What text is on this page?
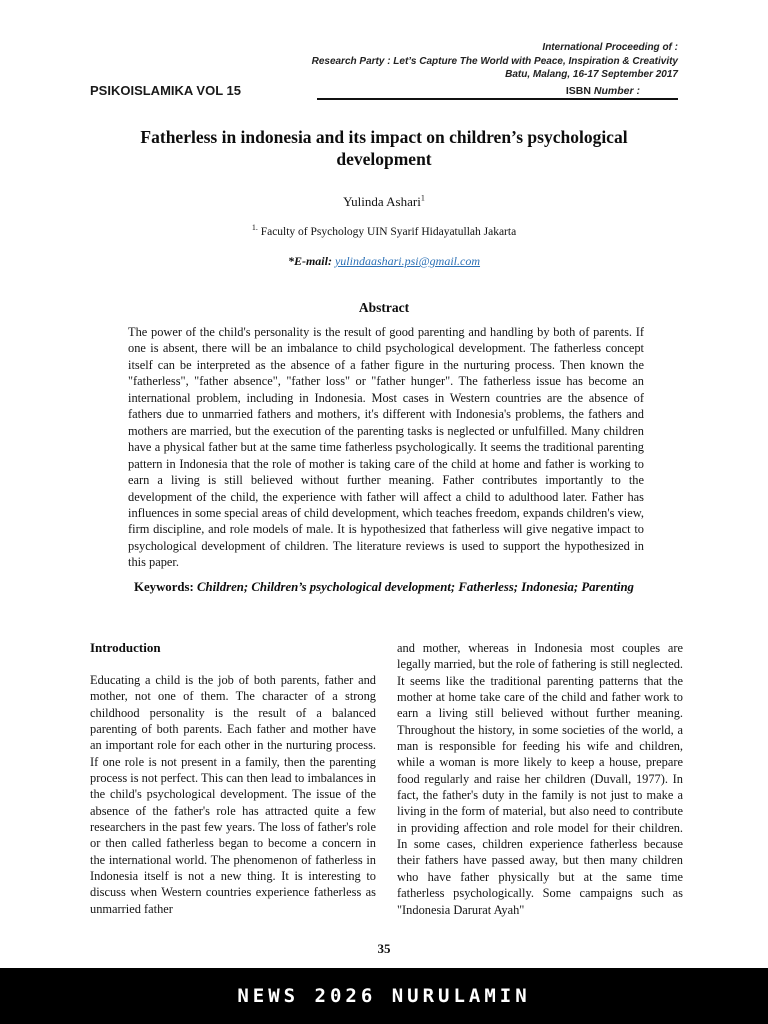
International Proceeding of :
Research Party : Let’s Capture The World with Peace, Inspiration & Creativity
Batu, Malang, 16-17 September 2017
PSIKOISLAMIKA VOL 15	ISBN Number :
Fatherless in indonesia and its impact on children’s psychological development
Yulinda Ashari$^1$
$^{1.}$ Faculty of Psychology UIN Syarif Hidayatullah Jakarta
*E-mail: yulindaashari.psi@gmail.com
Abstract

The power of the child's personality is the result of good parenting and handling by both of parents. If one is absent, there will be an imbalance to child psychological development. The fatherless concept itself can be interpreted as the absence of a father figure in the nurturing process. Then known the "fatherless", "father absence", "father loss" or "father hunger". The fatherless issue has become an international problem, including in Indonesia. Most cases in Western countries are the absence of fathers due to unmarried fathers and mothers, it's different with Indonesia's problems, the fathers and mothers are married, but the execution of the parenting tasks is neglected or unfulfilled. Many children have a physical father but at the same time fatherless psychologically. It seems the traditional parenting pattern in Indonesia that the role of mother is taking care of the child at home and father is working to earn a living is still believed without further meaning. Father contributes importantly to the development of the child, the experience with father will affect a child to adulthood later. Father has influences in some special areas of child development, which teaches freedom, expands children's view, firm discipline, and role models of male. It is hypothesized that fatherless will give negative impact to psychological development of children. The literature reviews is used to support the hypothesized in this paper.

Keywords: Children; Children’s psychological development; Fatherless; Indonesia; Parenting
Introduction

Educating a child is the job of both parents, father and mother, not one of them. The character of a strong childhood personality is the result of a balanced parenting of both parents. Each father and mother have an important role for each other in the nurturing process. If one role is not present in a family, then the parenting process is not perfect. This can then lead to imbalances in the child's psychological development. The issue of the absence of the father's role has attracted quite a few researchers in the past few years. The loss of father's role or then called fatherless began to become a concern in the international world. The phenomenon of fatherless in Indonesia itself is not a new thing. It is interesting to discuss when Western countries experience fatherless as unmarried father

and mother, whereas in Indonesia most couples are legally married, but the role of fathering is still neglected. It seems like the traditional parenting patterns that the mother at home take care of the child and father work to earn a living still believed without further meaning. Throughout the history, in some societies of the world, a man is responsible for feeding his wife and children, while a woman is more likely to keep a house, prepare food regularly and raise her children (Duvall, 1977). In fact, the father's duty in the family is not just to make a living in the form of material, but also need to contribute in providing affection and role model for their children. In some cases, children experience fatherless because their fathers have passed away, but then many children who have father physically but at the same time fatherless psychologically. Some campaigns such as "Indonesia Darurat Ayah"

35
NEWS 2026 NURULAMIN
